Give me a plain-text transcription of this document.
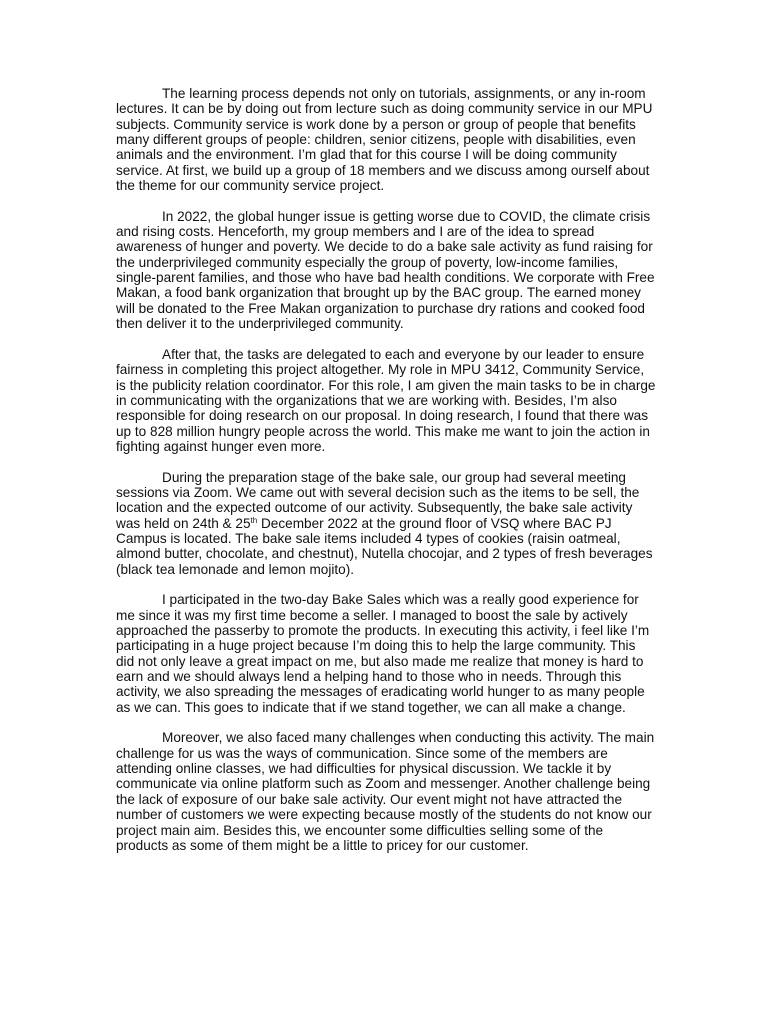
The learning process depends not only on tutorials, assignments, or any in-room lectures. It can be by doing out from lecture such as doing community service in our MPU subjects. Community service is work done by a person or group of people that benefits many different groups of people: children, senior citizens, people with disabilities, even animals and the environment. I’m glad that for this course I will be doing community service. At first, we build up a group of 18 members and we discuss among ourself about the theme for our community service project.

In 2022, the global hunger issue is getting worse due to COVID, the climate crisis and rising costs. Henceforth, my group members and I are of the idea to spread awareness of hunger and poverty. We decide to do a bake sale activity as fund raising for the underprivileged community especially the group of poverty, low-income families, single-parent families, and those who have bad health conditions. We corporate with Free Makan, a food bank organization that brought up by the BAC group. The earned money will be donated to the Free Makan organization to purchase dry rations and cooked food then deliver it to the underprivileged community.

After that, the tasks are delegated to each and everyone by our leader to ensure fairness in completing this project altogether. My role in MPU 3412, Community Service, is the publicity relation coordinator. For this role, I am given the main tasks to be in charge in communicating with the organizations that we are working with. Besides, I’m also responsible for doing research on our proposal. In doing research, I found that there was up to 828 million hungry people across the world. This make me want to join the action in fighting against hunger even more.

During the preparation stage of the bake sale, our group had several meeting sessions via Zoom. We came out with several decision such as the items to be sell, the location and the expected outcome of our activity. Subsequently, the bake sale activity was held on 24th & 25th December 2022 at the ground floor of VSQ where BAC PJ Campus is located. The bake sale items included 4 types of cookies (raisin oatmeal, almond butter, chocolate, and chestnut), Nutella chocojar, and 2 types of fresh beverages (black tea lemonade and lemon mojito).

I participated in the two-day Bake Sales which was a really good experience for me since it was my first time become a seller. I managed to boost the sale by actively approached the passerby to promote the products. In executing this activity, i feel like I’m participating in a huge project because I’m doing this to help the large community. This did not only leave a great impact on me, but also made me realize that money is hard to earn and we should always lend a helping hand to those who in needs. Through this activity, we also spreading the messages of eradicating world hunger to as many people as we can. This goes to indicate that if we stand together, we can all make a change.

Moreover, we also faced many challenges when conducting this activity. The main challenge for us was the ways of communication. Since some of the members are attending online classes, we had difficulties for physical discussion. We tackle it by communicate via online platform such as Zoom and messenger. Another challenge being the lack of exposure of our bake sale activity. Our event might not have attracted the number of customers we were expecting because mostly of the students do not know our project main aim. Besides this, we encounter some difficulties selling some of the products as some of them might be a little to pricey for our customer.
